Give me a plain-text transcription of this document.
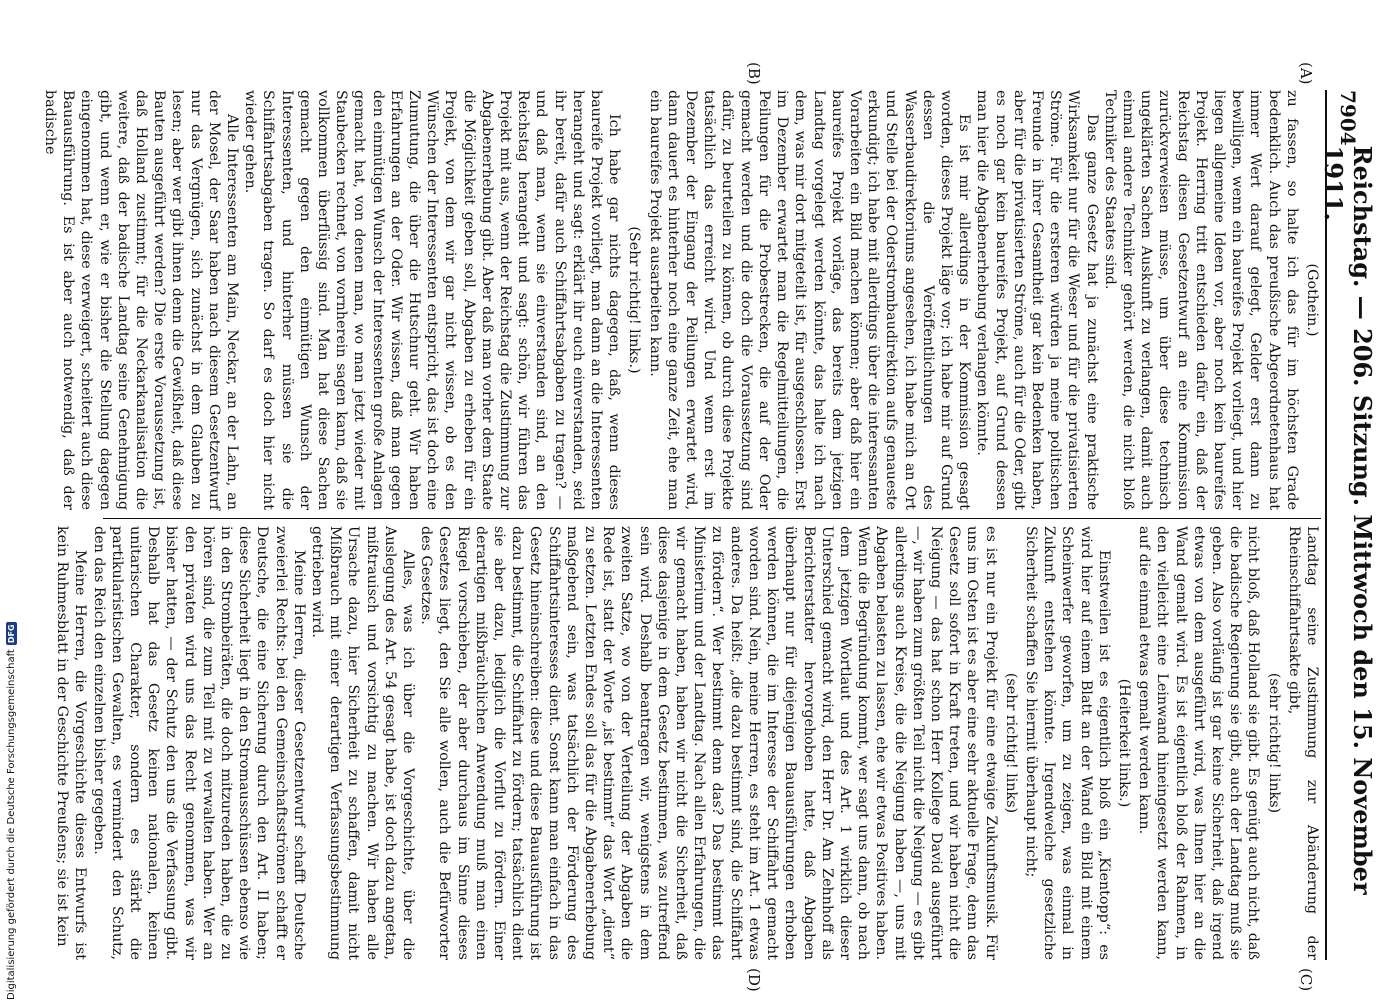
7904
Reichstag. — 206. Sitzung. Mittwoch den 15. November 1911.
(A)
(B)
(C)
(D)
(Gothein.)

zu fassen, so halte ich das für im höchsten Grade bedenklich. Auch das preußische Abgeordnetenhaus hat immer Wert darauf gelegt, Gelder erst dann zu bewilligen, wenn ein baureifes Projekt vorliegt, und hier liegen allgemeine Ideen vor, aber noch kein baureifes Projekt. Herring tritt entschieden dafür ein, daß der Reichstag diesen Gesetzentwurf an eine Kommission zurückverweisen müsse, um über diese technisch ungeklärten Sachen Auskunft zu verlangen, damit auch einmal andere Techniker gehört werden, die nicht bloß Techniker des Staates sind.

Das ganze Gesetz hat ja zunächst eine praktische Wirksamkeit nur für die Weser und für die privatisierten Ströme. Für die ersteren würden ja meine politischen Freunde in ihrer Gesamtheit gar kein Bedenken haben, aber für die privatisierten Ströme, auch für die Oder, gibt es noch gar kein baureifes Projekt, auf Grund dessen man hier die Abgabenerhebung verlangen könnte.

Es ist mir allerdings in der Kommission gesagt worden, dieses Projekt läge vor; ich habe mir auf Grund dessen die Veröffentlichungen des Wasserbaudirektoriums angesehen, ich habe mich an Ort und Stelle bei der Oderstrombaudirektion aufs genaueste erkundigt; ich habe mit allerdings über die interessanten Vorarbeiten ein Bild machen können; aber daß hier ein baureifes Projekt vorläge, das bereits dem jetzigen Landtag vorgelegt werden könnte, das halte ich nach dem, was mir dort mitgeteilt ist, für ausgeschlossen. Erst im Dezember erwartet man die Regelmitteilungen, die Peilungen für die Probestrecken, die auf der Oder gemacht werden und die doch die Voraussetzung sind dafür, zu beurteilen zu können, ob durch diese Projekte tatsächlich das erreicht wird. Und wenn erst im Dezember der Eingang der Peilungen erwartet wird, dann dauert es hinterher noch eine ganze Zeit, ehe man ein baureifes Projekt ausarbeiten kann.

(Sehr richtig! links.)

Ich habe gar nichts dagegen, daß, wenn dieses baureife Projekt vorliegt, man dann an die Interessenten herangeht und sagt: erklärt ihr euch einverstanden, seid ihr bereit, dafür auch Schiffahrtsabgaben zu tragen? — und daß man, wenn sie einverstanden sind, an den Reichstag herangeht und sagt: schön, wir führen das Projekt mit aus, wenn der Reichstag die Zustimmung zur Abgabenerhebung gibt. Aber daß man vorher dem Staate die Möglichkeit geben soll, Abgaben zu erheben für ein Projekt, von dem wir gar nicht wissen, ob es den Wünschen der Interessenten entspricht, das ist doch eine Zumutung, die über die Hutschnur geht. Wir haben Erfahrungen an der Oder. Wir wissen, daß man gegen den einmütigen Wunsch der Interessenten große Anlagen gemacht hat, von denen man, wo man jetzt wieder mit Staubecken rechnet, von vornherein sagen kann, daß sie vollkommen überflüssig sind. Man hat diese Sachen gemacht gegen den einmütigen Wunsch der Interessenten, und hinterher müssen sie die Schiffahrtsabgaben tragen. So darf es doch hier nicht wieder gehen.

Alle Interessenten am Main, Neckar, an der Lahn, an der Mosel, der Saar haben nach diesem Gesetzentwurf nur das Vergnügen, sich zunächst in dem Glauben zu lesen; aber wer gibt ihnen denn die Gewißheit, daß diese Bauten ausgeführt werden? Die erste Voraussetzung ist, daß Holland zustimmt; für die Neckarkanalisation die weitere, daß der badische Landtag seine Genehmigung gibt, und wenn er, wie er bisher die Stellung dagegen eingenommen hat, diese verweigert, scheitert auch diese Bauausführung. Es ist aber auch notwendig, daß der badische

Landtag seine Zustimmung zur Abänderung der Rheinschiffahrtsakte gibt,

(sehr richtig! links)

nicht bloß, daß Holland sie gibt. Es genügt auch nicht, daß die badische Regierung sie gibt, auch der Landtag muß sie geben. Also vorläufig ist gar keine Sicherheit, daß irgend etwas von dem ausgeführt wird, was Ihnen hier an die Wand gemalt wird. Es ist eigentlich bloß der Rahmen, in den vielleicht eine Leinwand hineingesetzt werden kann, auf die einmal etwas gemalt werden kann.

(Heiterkeit links.)

Einstweilen ist es eigentlich bloß ein „Kientopp“: es wird hier auf einem Blatt an der Wand ein Bild mit einem Scheinwerfer geworfen, um zu zeigen, was einmal in Zukunft entstehen könnte. Irgendwelche gesetzliche Sicherheit schaffen Sie hiermit überhaupt nicht;

(sehr richtig! links)

es ist nur ein Projekt für eine etwaige Zukunftsmusik. Für uns im Osten ist es aber eine sehr aktuelle Frage, denn das Gesetz soll sofort in Kraft treten, und wir haben nicht die Neigung — das hat schon Herr Kollege David ausgeführt —, wir haben zum größten Teil nicht die Neigung — es gibt allerdings auch Kreise, die die Neigung haben —, uns mit Abgaben belasten zu lassen, ehe wir etwas Positives haben. Wenn die Begründung kommt, wer sagt uns dann, ob nach dem jetzigen Wortlaut und des Art. 1 wirklich dieser Unterschied gemacht wird, den Herr Dr. Am Zehnhoff als Berichterstatter hervorgehoben hatte, daß Abgaben überhaupt nur für diejenigen Bauausführungen erhoben werden können, die im Interesse der Schiffahrt gemacht worden sind. Nein, meine Herren, es steht im Art. 1 etwas anderes. Da heißt: „die dazu bestimmt sind, die Schiffahrt zu fördern“. Wer bestimmt denn das? Das bestimmt das Ministerium und der Landtag. Nach allen Erfahrungen, die wir gemacht haben, haben wir nicht die Sicherheit, daß diese dasjenige in dem Gesetz bestimmen, was zutreffend sein wird. Deshalb beantragen wir, wenigstens in dem zweiten Satze, wo von der Verteilung der Abgaben die Rede ist, statt der Worte „ist bestimmt“ das Wort „dient“ zu setzen. Letzten Endes soll das für die Abgabenerhebung maßgebend sein, was tatsächlich der Förderung des Schiffahrtsinteresses dient. Sonst kann man einfach in das Gesetz hineinschreiben: diese und diese Bauausführung ist dazu bestimmt, die Schiffahrt zu fördern; tatsächlich dient sie aber dazu, lediglich die Vorflut zu fördern. Einer derartigen mißbräuchlichen Anwendung muß man einen Riegel vorschieben, der aber durchaus im Sinne dieses Gesetzes liegt, den Sie alle wollen, auch die Befürworter des Gesetzes.

Alles, was ich über die Vorgeschichte, über die Auslegung des Art. 54 gesagt habe, ist doch dazu angetan, mißtrauisch und vorsichtig zu machen. Wir haben alle Ursache dazu, hier Sicherheit zu schaffen, damit nicht Mißbrauch mit einer derartigen Verfassungsbestimmung getrieben wird.

Meine Herren, dieser Gesetzentwurf schafft Deutsche zweierlei Rechts: bei den Gemeinschaftsströmen schafft er Deutsche, die eine Sicherung durch den Art. II haben; diese Sicherheit liegt in den Stromausschüssen ebenso wie in den Strombeiräten, die doch mitzureden haben, die zu hören sind, die zum Teil mit zu verwalten haben. Wer an den privaten wird uns das Recht genommen, was wir bisher hatten, — der Schutz den uns die Verfassung gibt. Deshalb hat das Gesetz keinen nationalen, keinen unitarischen Charakter, sondern es stärkt die partikularistischen Gewalten, es vermindert den Schutz, den das Reich den einzelnen bisher gegeben.

Meine Herren, die Vorgeschichte dieses Entwurfs ist kein Ruhmesblatt in der Geschichte Preußens; sie ist kein

Digitalisierung gefördert durch die Deutsche Forschungsgemeinschaft
DFG
